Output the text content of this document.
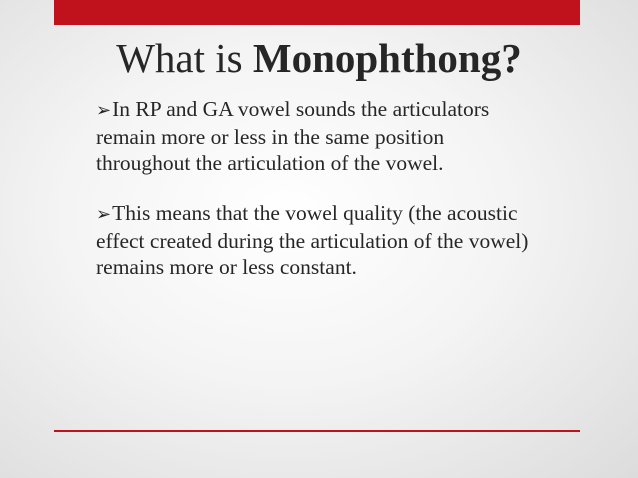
What is Monophthong?

➢In RP and GA vowel sounds the articulators remain more or less in the same position throughout the articulation of the vowel.

➢This means that the vowel quality (the acoustic effect created during the articulation of the vowel) remains more or less constant.
